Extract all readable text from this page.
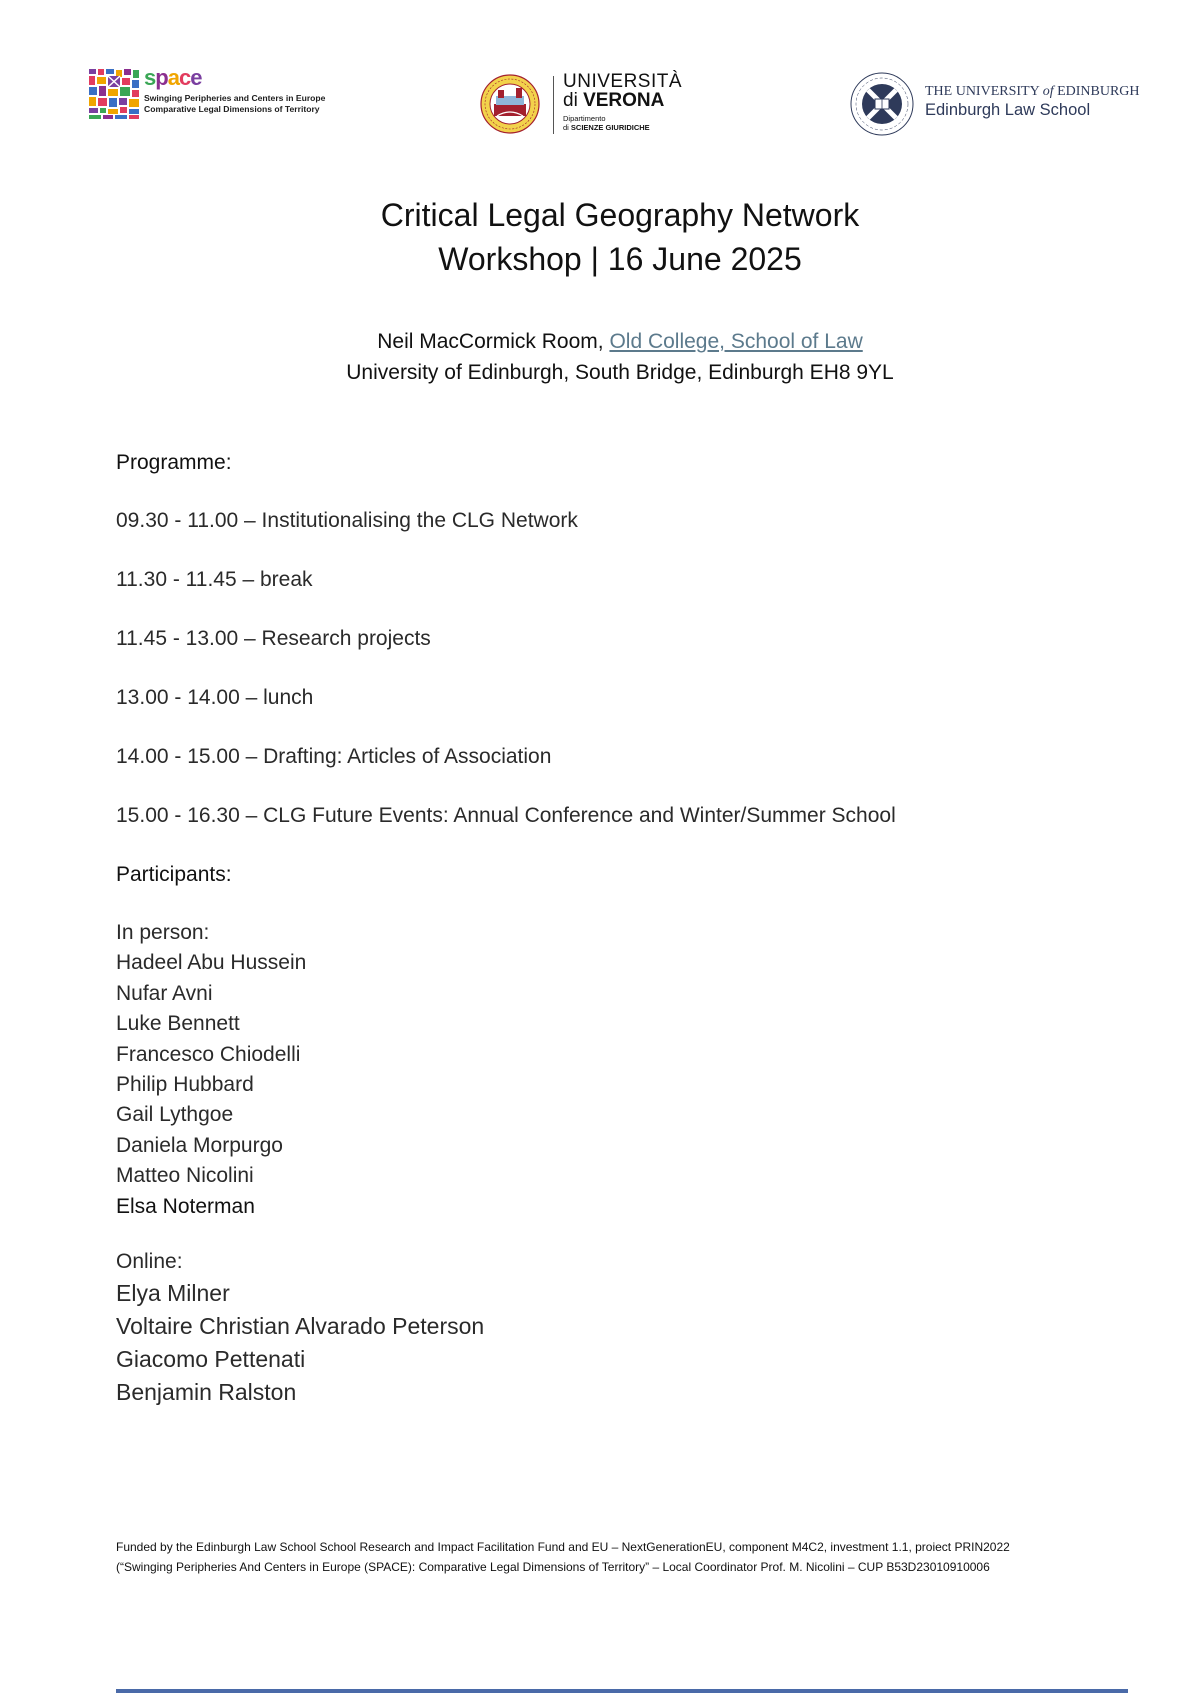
space
Swinging Peripheries and Centers in Europe
Comparative Legal Dimensions of Territory
UNIVERSITÀ
di VERONA
Dipartimento
di SCIENZE GIURIDICHE
THE UNIVERSITY of EDINBURGH
Edinburgh Law School
Critical Legal Geography Network
Workshop | 16 June 2025
Neil MacCormick Room, Old College, School of Law
University of Edinburgh, South Bridge, Edinburgh EH8 9YL
Programme:
09.30 - 11.00 – Institutionalising the CLG Network
11.30 - 11.45 – break
11.45 - 13.00 – Research projects
13.00 - 14.00 – lunch
14.00 - 15.00 – Drafting: Articles of Association
15.00 - 16.30 – CLG Future Events: Annual Conference and Winter/Summer School
Participants:
In person:
Hadeel Abu Hussein
Nufar Avni
Luke Bennett
Francesco Chiodelli
Philip Hubbard
Gail Lythgoe
Daniela Morpurgo
Matteo Nicolini
Elsa Noterman
Online:
Elya Milner
Voltaire Christian Alvarado Peterson
Giacomo Pettenati
Benjamin Ralston
Funded by the Edinburgh Law School School Research and Impact Facilitation Fund and EU – NextGenerationEU, component M4C2, investment 1.1, proiect PRIN2022
(“Swinging Peripheries And Centers in Europe (SPACE): Comparative Legal Dimensions of Territory” – Local Coordinator Prof. M. Nicolini – CUP B53D23010910006
